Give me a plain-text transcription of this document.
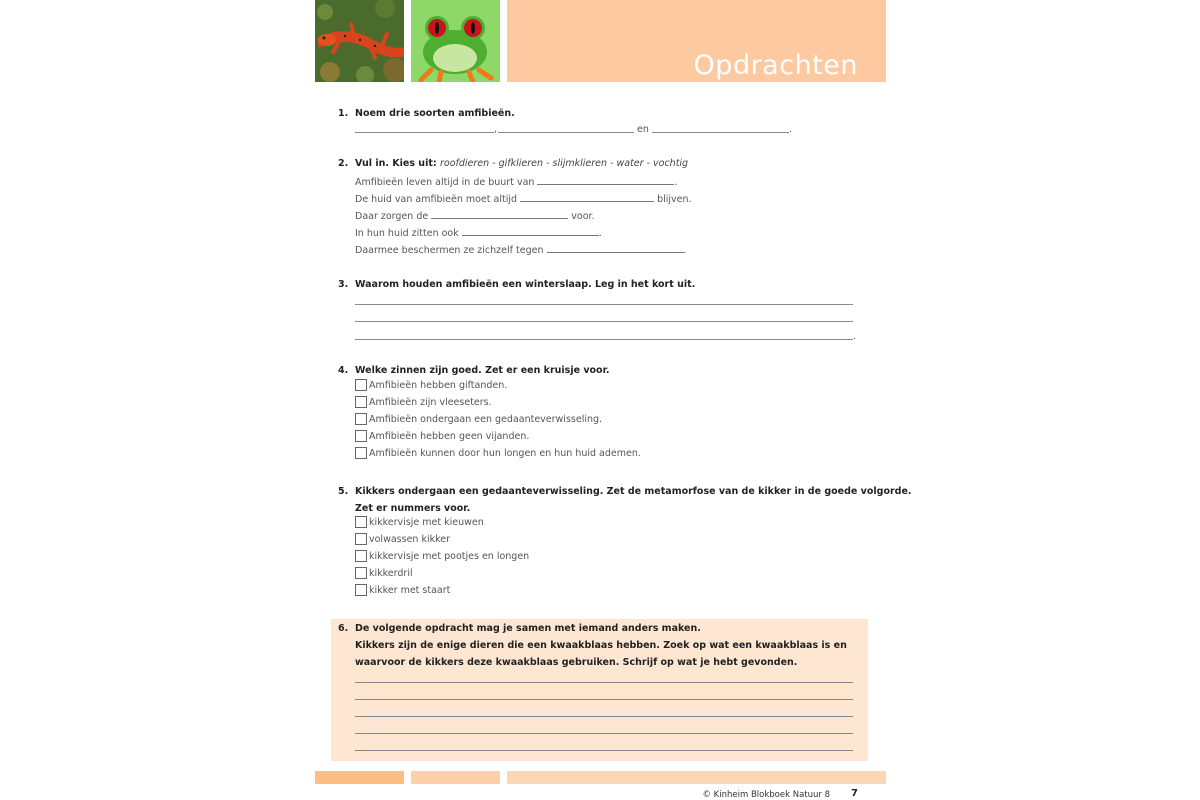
Opdrachten
1. Noem drie soorten amfibieën.
,	en	.
2. Vul in. Kies uit: roofdieren - gifklieren - slijmklieren - water - vochtig
Amfibieën leven altijd in de buurt van	.
De huid van amfibieën moet altijd	blijven.
Daar zorgen de	voor.
In hun huid zitten ook	.
Daarmee beschermen ze zichzelf tegen	.
3. Waarom houden amfibieën een winterslaap. Leg in het kort uit.
.
4. Welke zinnen zijn goed. Zet er een kruisje voor.
Amfibieën hebben giftanden.
Amfibieën zijn vleeseters.
Amfibieën ondergaan een gedaanteverwisseling.
Amfibieën hebben geen vijanden.
Amfibieën kunnen door hun longen en hun huid ademen.
5. Kikkers ondergaan een gedaanteverwisseling. Zet de metamorfose van de kikker in de goede volgorde.
Zet er nummers voor.
kikkervisje met kieuwen
volwassen kikker
kikkervisje met pootjes en longen
kikkerdril
kikker met staart
6. De volgende opdracht mag je samen met iemand anders maken.
Kikkers zijn de enige dieren die een kwaakblaas hebben. Zoek op wat een kwaakblaas is en
waarvoor de kikkers deze kwaakblaas gebruiken. Schrijf op wat je hebt gevonden.
© Kinheim Blokboek Natuur 8 7
